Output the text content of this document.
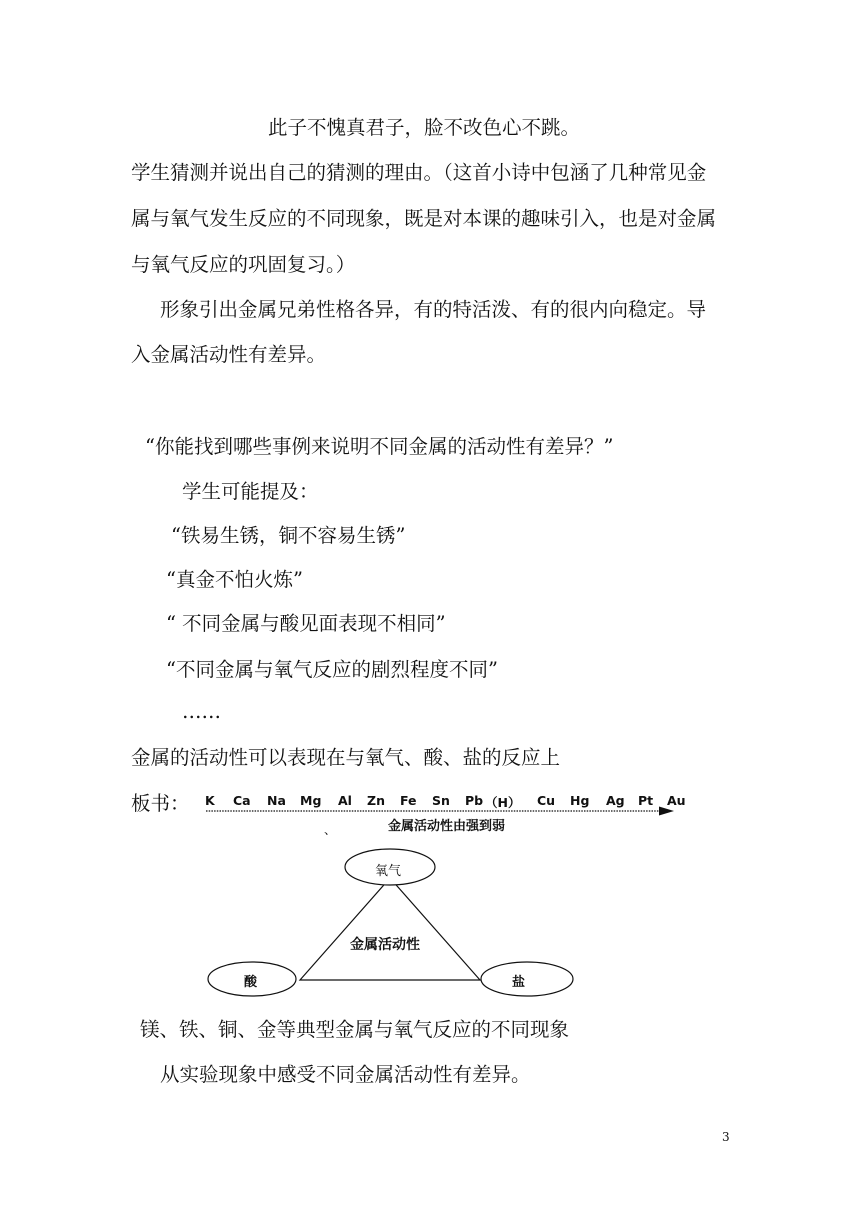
此子不愧真君子，脸不改色心不跳。
学生猜测并说出自己的猜测的理由。（这首小诗中包涵了几种常见金
属与氧气发生反应的不同现象，既是对本课的趣味引入，也是对金属
与氧气反应的巩固复习。）
形象引出金属兄弟性格各异，有的特活泼、有的很内向稳定。导
入金属活动性有差异。
“你能找到哪些事例来说明不同金属的活动性有差异？”
学生可能提及：
“铁易生锈，铜不容易生锈”
“真金不怕火炼”
“ 不同金属与酸见面表现不相同”
“不同金属与氧气反应的剧烈程度不同”
……
金属的活动性可以表现在与氧气、酸、盐的反应上
板书： K Ca Na Mg Al Zn Fe Sn Pb （H） Cu Hg Ag Pt Au
金属活动性由强到弱
、
氧气
酸	盐
金属活动性
镁、铁、铜、金等典型金属与氧气反应的不同现象
从实验现象中感受不同金属活动性有差异。
3
